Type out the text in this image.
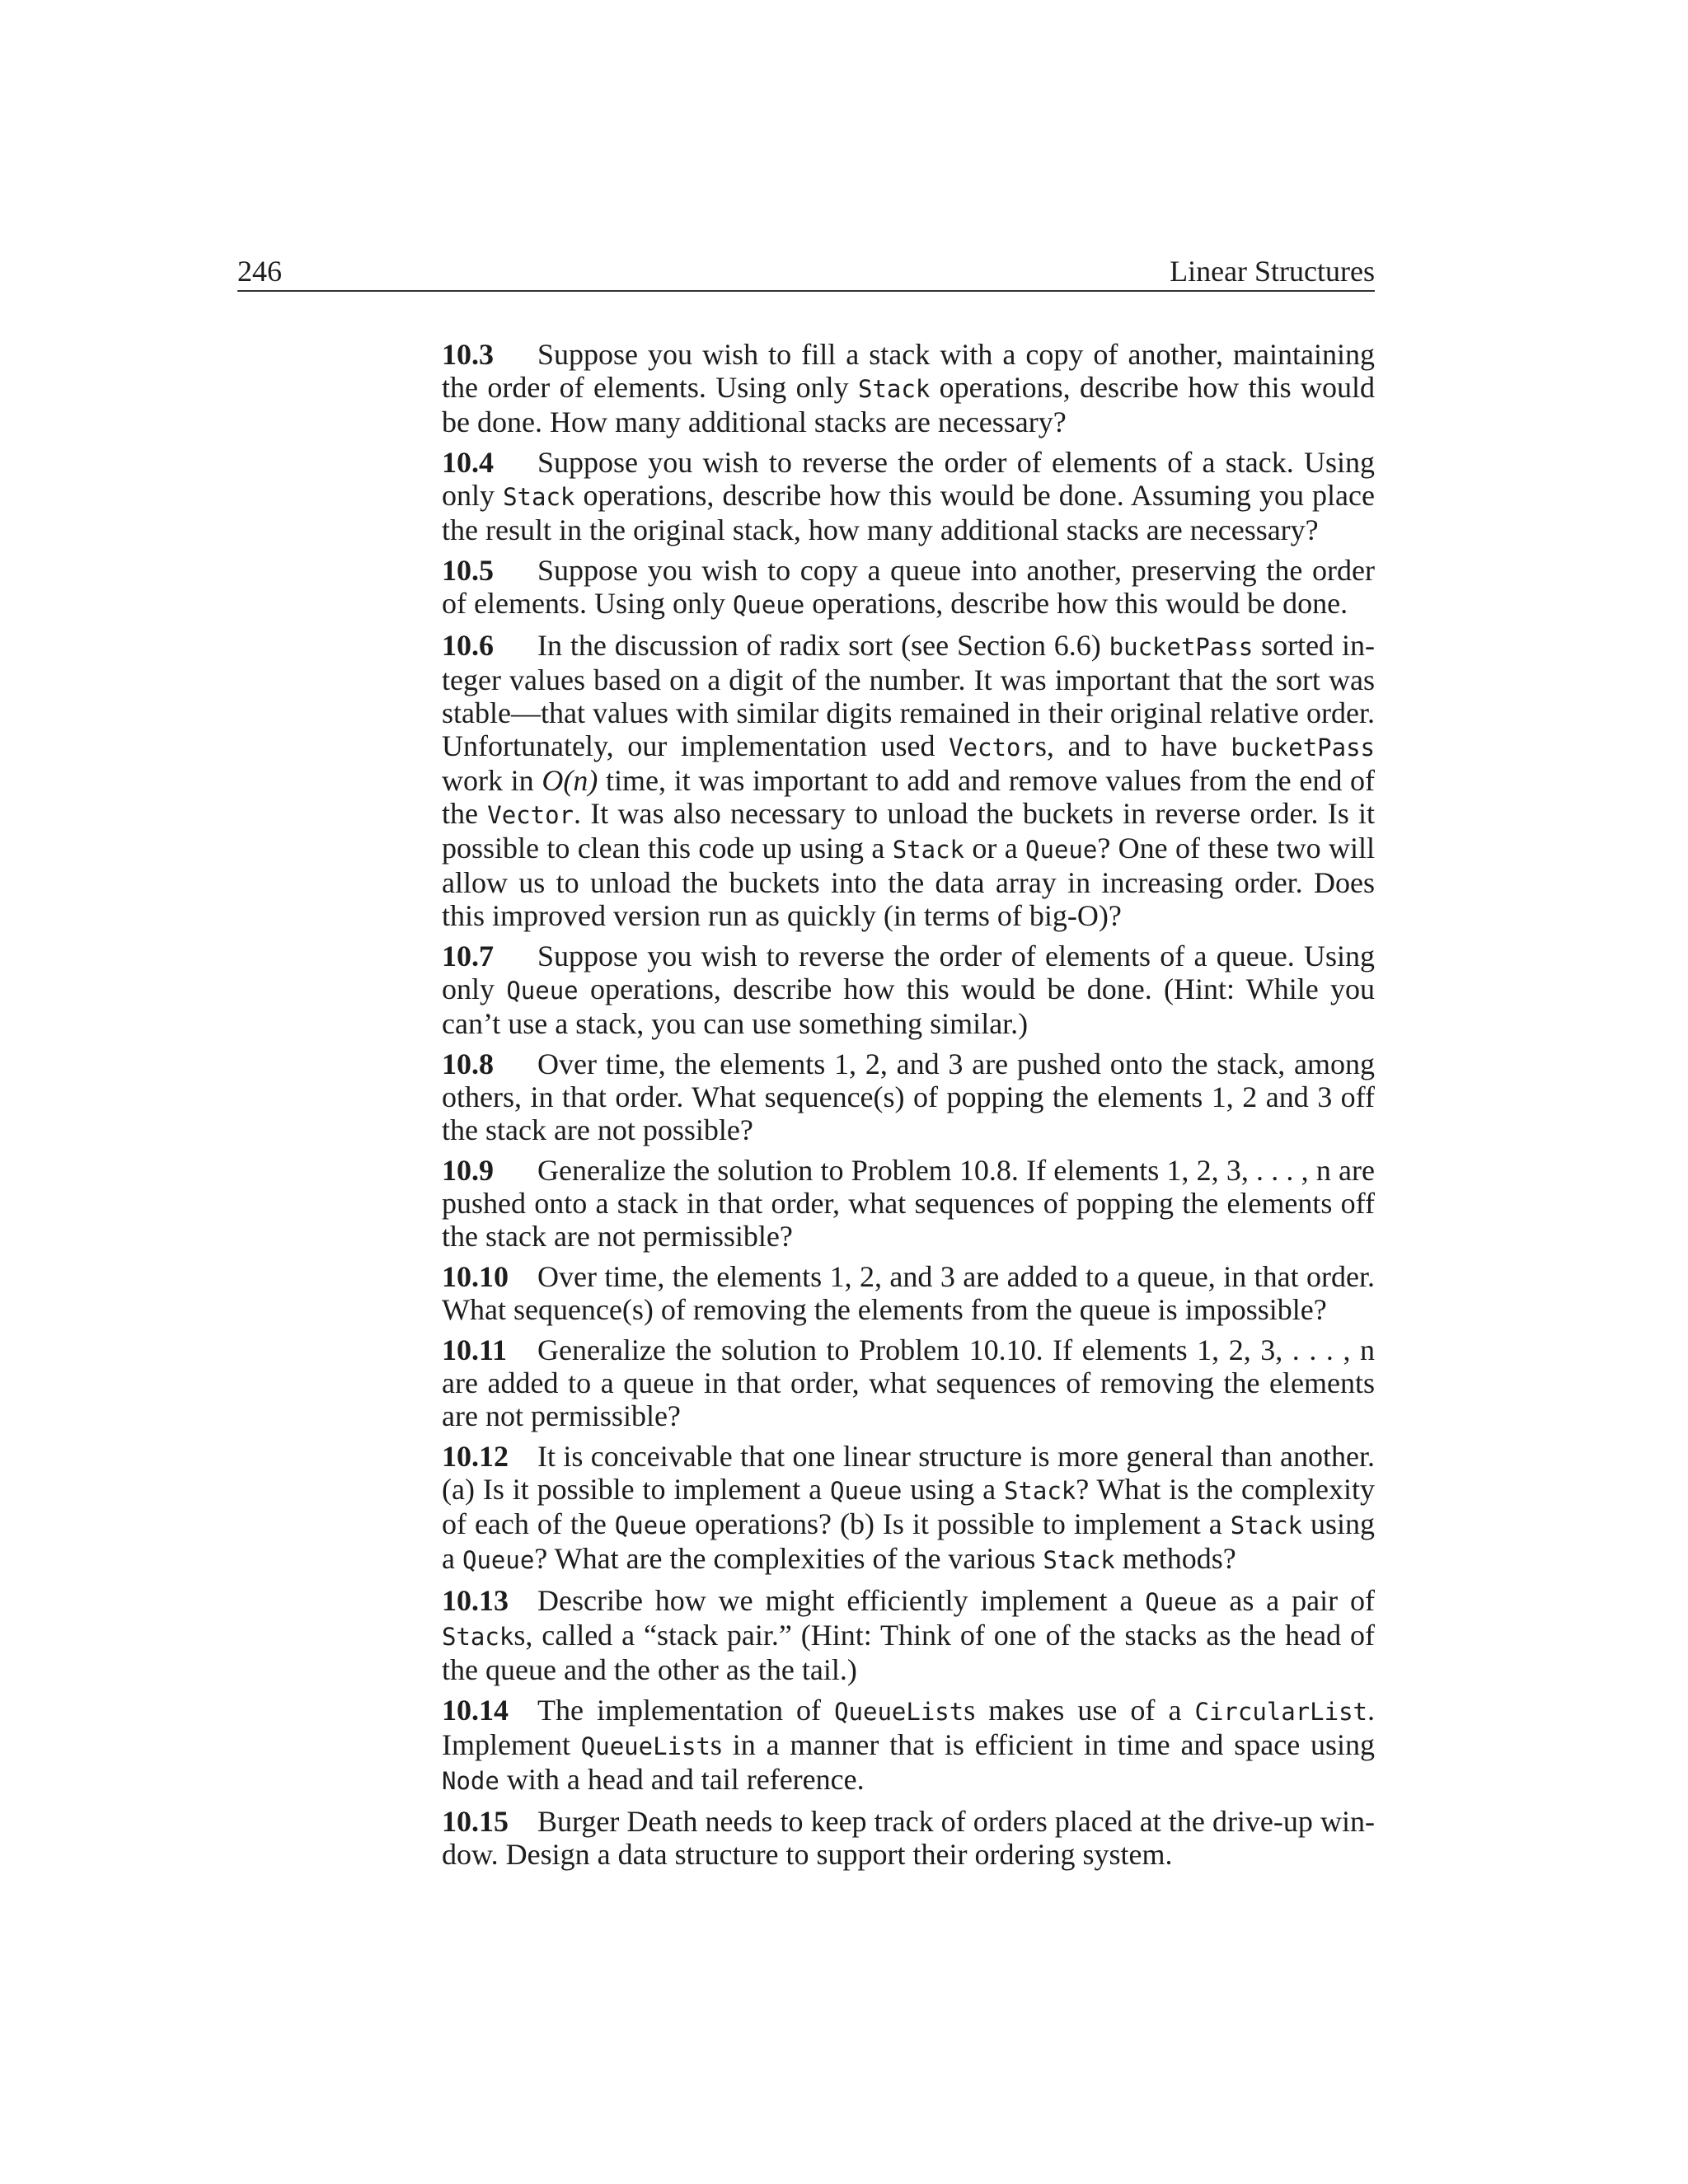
246	Linear Structures

10.3 Suppose you wish to fill a stack with a copy of another, maintaining the order of elements. Using only Stack operations, describe how this would be done. How many additional stacks are necessary?

10.4 Suppose you wish to reverse the order of elements of a stack. Using only Stack operations, describe how this would be done. Assuming you place the result in the original stack, how many additional stacks are necessary?

10.5 Suppose you wish to copy a queue into another, preserving the order of elements. Using only Queue operations, describe how this would be done.

10.6 In the discussion of radix sort (see Section 6.6) bucketPass sorted integer values based on a digit of the number. It was important that the sort was stable—that values with similar digits remained in their original relative order. Unfortunately, our implementation used Vectors, and to have bucketPass work in O(n) time, it was important to add and remove values from the end of the Vector. It was also necessary to unload the buckets in reverse order. Is it possible to clean this code up using a Stack or a Queue? One of these two will allow us to unload the buckets into the data array in increasing order. Does this improved version run as quickly (in terms of big-O)?

10.7 Suppose you wish to reverse the order of elements of a queue. Using only Queue operations, describe how this would be done. (Hint: While you can’t use a stack, you can use something similar.)

10.8 Over time, the elements 1, 2, and 3 are pushed onto the stack, among others, in that order. What sequence(s) of popping the elements 1, 2 and 3 off the stack are not possible?

10.9 Generalize the solution to Problem 10.8. If elements 1, 2, 3, . . . , n are pushed onto a stack in that order, what sequences of popping the elements off the stack are not permissible?

10.10 Over time, the elements 1, 2, and 3 are added to a queue, in that order. What sequence(s) of removing the elements from the queue is impossible?

10.11 Generalize the solution to Problem 10.10. If elements 1, 2, 3, . . . , n are added to a queue in that order, what sequences of removing the elements are not permissible?

10.12 It is conceivable that one linear structure is more general than another. (a) Is it possible to implement a Queue using a Stack? What is the complexity of each of the Queue operations? (b) Is it possible to implement a Stack using a Queue? What are the complexities of the various Stack methods?

10.13 Describe how we might efficiently implement a Queue as a pair of Stacks, called a “stack pair.” (Hint: Think of one of the stacks as the head of the queue and the other as the tail.)

10.14 The implementation of QueueLists makes use of a CircularList. Implement QueueLists in a manner that is efficient in time and space using Node with a head and tail reference.

10.15 Burger Death needs to keep track of orders placed at the drive-up window. Design a data structure to support their ordering system.
